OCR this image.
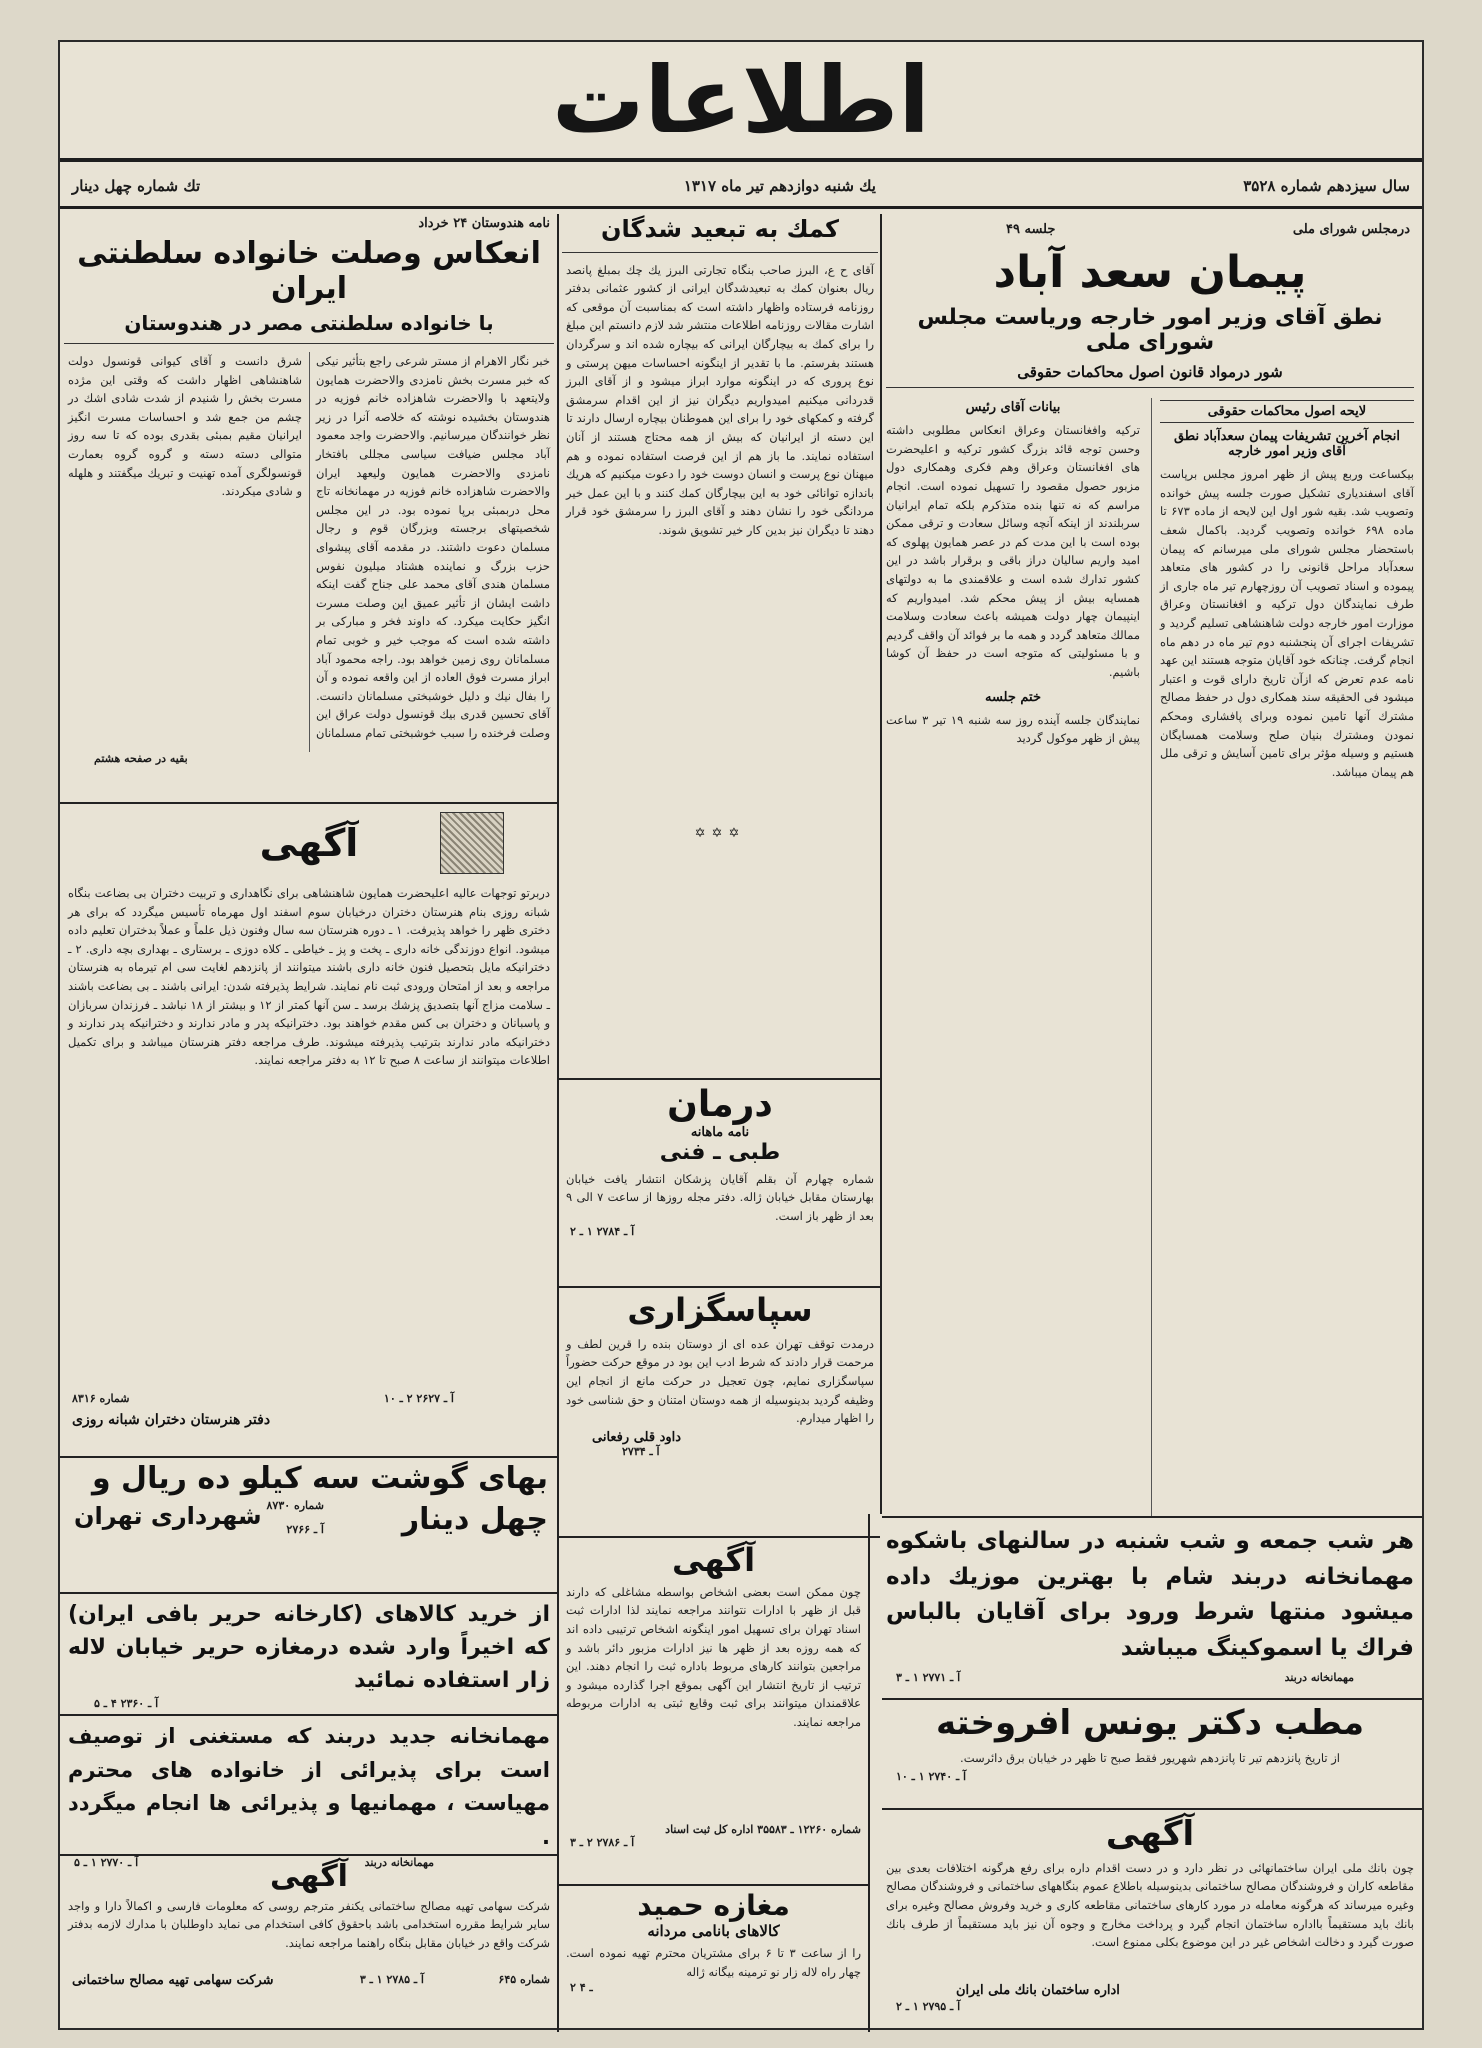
اطلاعات
سال سیزدهم شماره ۳۵۲۸
یك شنبه دوازدهم تیر ماه ۱۳۱۷
تك شماره چهل دینار
درمجلس شورای ملی
جلسه ۴۹
پیمان سعد آباد
نطق آقای وزیر امور خارجه وریاست مجلس شورای ملی
شور درمواد قانون اصول محاكمات حقوقی
لایحه اصول محاكمات حقوقی
انجام آخرین تشریفات پیمان سعدآباد نطق آقای وزیر امور خارجه
بیكساعت وربع پیش از ظهر امروز مجلس برپاست آقای اسفندیاری تشكیل صورت جلسه پیش خوانده وتصویب شد. بقیه شور اول این لایحه از ماده ۶۷۳ تا ماده ۶۹۸ خوانده وتصویب گردید. باكمال شعف باستحضار مجلس شورای ملی میرسانم كه پیمان سعدآباد مراحل قانونی را در كشور های متعاهد پیموده و اسناد تصویب آن روزچهارم تیر ماه جاری از طرف نمایندگان دول تركیه و افغانستان وعراق موزارت امور خارجه دولت شاهنشاهی تسلیم گردید و تشریفات اجرای آن پنجشنبه دوم تیر ماه در دهم ماه انجام گرفت. چنانكه خود آقایان متوجه هستند این عهد نامه عدم تعرض كه ازآن تاریخ دارای قوت و اعتبار میشود فی الحقیقه سند همكاری دول در حفظ مصالح مشترك آنها تامین نموده وبرای پافشاری ومحكم نمودن ومشترك بنیان صلح وسلامت همسایگان هستیم و وسیله مؤثر برای تامین آسایش و ترقی ملل هم پیمان میباشد.
بیانات آقای رئیس
تركیه وافغانستان وعراق انعكاس مطلوبی داشته وحسن توجه قائد بزرگ كشور تركیه و اعلیحضرت های افغانستان وعراق وهم فكری وهمكاری دول مزبور حصول مقصود را تسهیل نموده است. انجام مراسم كه نه تنها بنده متذكرم بلكه تمام ایرانیان سربلندند از اینكه آنچه وسائل سعادت و ترقی ممكن بوده است با این مدت كم در عصر همایون پهلوی كه امید واریم سالیان دراز باقی و برقرار باشد در این كشور تدارك شده است و علاقمندی ما به دولتهای همسایه بیش از پیش محكم شد. امیدواریم كه اینپیمان چهار دولت همیشه باعث سعادت وسلامت ممالك متعاهد گردد و همه ما بر فوائد آن واقف گردیم و با مسئولیتی كه متوجه است در حفظ آن كوشا باشیم.
ختم جلسه
نمایندگان جلسه آینده روز سه شنبه ۱۹ تیر ۳ ساعت پیش از ظهر موكول گردید
هر شب جمعه و شب شنبه در سالنهای باشكوه مهمانخانه دربند شام با بهترین موزیك داده میشود منتها شرط ورود برای آقایان بالباس فراك یا اسموكینگ میباشد
مهمانخانه دربند
آ ـ ۲۷۷۱ ۱ ـ ۳
مطب دكتر یونس افروخته
از تاریخ پانزدهم تیر تا پانزدهم شهریور فقط صبح تا ظهر در خیابان برق دائرست.
آ ـ ۲۷۴۰ ۱ ـ ۱۰
آگهی
چون بانك ملی ایران ساختمانهائی در نظر دارد و در دست اقدام داره برای رفع هرگونه اختلافات بعدی بین مقاطعه كاران و فروشندگان مصالح ساختمانی بدینوسیله باطلاع عموم بنگاههای ساختمانی و فروشندگان مصالح وغیره میرساند كه هرگونه معامله در مورد كارهای ساختمانی مقاطعه كاری و خرید وفروش مصالح وغیره برای بانك باید مستقیماً بااداره ساختمان انجام گیرد و پرداخت مخارج و وجوه آن نیز باید مستقیماً از طرف بانك صورت گیرد و دخالت اشخاص غیر در این موضوع بكلی ممنوع است.
اداره ساختمان بانك ملی ایران
آ ـ ۲۷۹۵ ۱ ـ ۲
كمك به تبعید شدگان
آقای ح ع، البرز صاحب بنگاه تجارتی البرز یك چك بمبلغ پانصد ریال بعنوان كمك به تبعیدشدگان ایرانی از كشور عثمانی بدفتر روزنامه فرستاده واظهار داشته است كه بمناسبت آن موقعی كه اشارت مقالات روزنامه اطلاعات منتشر شد لازم دانستم این مبلغ را برای كمك به بیچارگان ایرانی كه بیچاره شده اند و سرگردان هستند بفرستم. ما با تقدیر از اینگونه احساسات میهن پرستی و نوع پروری كه در اینگونه موارد ابراز میشود و از آقای البرز قدردانی میكنیم امیدواریم دیگران نیز از این اقدام سرمشق گرفته و كمكهای خود را برای این هموطنان بیچاره ارسال دارند تا این دسته از ایرانیان كه بیش از همه محتاج هستند از آنان استفاده نمایند. ما باز هم از این فرصت استفاده نموده و هم میهنان نوع پرست و انسان دوست خود را دعوت میكنیم كه هریك باندازه توانائی خود به این بیچارگان كمك كنند و با این عمل خیر مردانگی خود را نشان دهند و آقای البرز را سرمشق خود قرار دهند تا دیگران نیز بدین كار خیر تشویق شوند.
✡✡✡
درمان
نامه ماهانه
طبی ـ فنی
شماره چهارم آن بقلم آقایان پزشكان انتشار یافت خیابان بهارستان مقابل خیابان ژاله. دفتر مجله روزها از ساعت ۷ الی ۹ بعد از ظهر باز است.
آ ـ ۲۷۸۴ ۱ ـ ۲
سپاسگزاری
درمدت توقف تهران عده ای از دوستان بنده را قرین لطف و مرحمت قرار دادند كه شرط ادب این بود در موقع حركت حضوراً سپاسگزاری نمایم، چون تعجیل در حركت مانع از انجام این وظیفه گردید بدینوسیله از همه دوستان امتنان و حق شناسی خود را اظهار میدارم.
داود قلی رفعانی
آ ـ ۲۷۳۴
آگهی
چون ممكن است بعضی اشخاص بواسطه مشاغلی كه دارند قبل از ظهر با ادارات نتوانند مراجعه نمایند لذا ادارات ثبت اسناد تهران برای تسهیل امور اینگونه اشخاص ترتیبی داده اند كه همه روزه بعد از ظهر ها نیز ادارات مزبور دائر باشد و مراجعین بتوانند كارهای مربوط باداره ثبت را انجام دهند. این ترتیب از تاریخ انتشار این آگهی بموقع اجرا گذارده میشود و علاقمندان میتوانند برای ثبت وقایع ثبتی به ادارات مربوطه مراجعه نمایند.
شماره ۱۲۲۶۰ ـ ۳۵۵۸۳ اداره كل ثبت اسناد
آ ـ ۲۷۸۶ ۲ ـ ۳
مغازه حمید
كالاهای بانامی مردانه
را از ساعت ۳ تا ۶ برای مشتریان محترم تهیه نموده است. چهار راه لاله زار نو ترمینه بیگانه ژاله
۲ ـ ۴
نامه هندوستان ۲۴ خرداد
انعكاس وصلت خانواده سلطنتی ایران
با خانواده سلطنتی مصر در هندوستان
خبر نگار الاهرام از مستر شرعی راجع بتأثیر نیكی كه خبر مسرت بخش نامزدی والاحضرت همایون ولایتعهد با والاحضرت شاهزاده خانم فوزیه در هندوستان بخشیده نوشته كه خلاصه آنرا در زیر نظر خوانندگان میرسانیم. والاحضرت واجد معمود آباد مجلس ضیافت سیاسی مجللی بافتخار نامزدی والاحضرت همایون ولیعهد ایران والاحضرت شاهزاده خانم فوزیه در مهمانخانه تاج محل دربمبئی برپا نموده بود. در این مجلس شخصیتهای برجسته وبزرگان قوم و رجال مسلمان دعوت داشتند. در مقدمه آقای پیشوای حزب بزرگ و نماینده هشتاد میلیون نفوس مسلمان هندی آقای محمد علی جناح گفت اینكه داشت ایشان از تأثیر عمیق این وصلت مسرت انگیز حكایت میكرد. كه داوند فخر و مباركی بر داشته شده است كه موجب خیر و خوبی تمام مسلمانان روی زمین خواهد بود. راجه محمود آباد ابراز مسرت فوق العاده از این واقعه نموده و آن را بفال نیك و دلیل خوشبختی مسلمانان دانست. آقای تحسین قدری بیك قونسول دولت عراق این وصلت فرخنده را سبب خوشبختی تمام مسلمانان شرق دانست و آقای كیوانی قونسول دولت شاهنشاهی اظهار داشت كه وقتی این مژده مسرت بخش را شنیدم از شدت شادی اشك در چشم من جمع شد و احساسات مسرت انگیز ایرانیان مقیم بمبئی بقدری بوده كه تا سه روز متوالی دسته دسته و گروه گروه بعمارت قونسولگری آمده تهنیت و تبریك میگفتند و هلهله و شادی میكردند.
بقیه در صفحه هشتم
آگهی
دربرتو توجهات عالیه اعلیحضرت همایون شاهنشاهی برای نگاهداری و تربیت دختران بی بضاعت بنگاه شبانه روزی بنام هنرستان دختران درخیابان سوم اسفند اول مهرماه تأسیس میگردد كه برای هر دختری ظهر را خواهد پذیرفت. ۱ ـ دوره هنرستان سه سال وفنون ذیل علماً و عملاً بدختران تعلیم داده میشود. انواع دوزندگی خانه داری ـ پخت و پز ـ خیاطی ـ كلاه دوزی ـ برستاری ـ بهداری بچه داری. ۲ ـ دخترانیكه مایل بتحصیل فنون خانه داری باشند میتوانند از پانزدهم لغایت سی ام تیرماه به هنرستان مراجعه و بعد از امتحان ورودی ثبت نام نمایند. شرایط پذیرفته شدن: ایرانی باشند ـ بی بضاعت باشند ـ سلامت مزاج آنها بتصدیق پزشك برسد ـ سن آنها كمتر از ۱۲ و بیشتر از ۱۸ نباشد ـ فرزندان سربازان و پاسبانان و دختران بی كس مقدم خواهند بود. دخترانیكه پدر و مادر ندارند و دخترانیكه پدر ندارند و دخترانیكه مادر ندارند بترتیب پذیرفته میشوند. طرف مراجعه دفتر هنرستان میباشد و برای تكمیل اطلاعات میتوانند از ساعت ۸ صبح تا ۱۲ به دفتر مراجعه نمایند.
شماره ۸۳۱۶	آ ـ ۲۶۲۷ ۲ ـ ۱۰
دفتر هنرستان دختران شبانه روزی
بهای گوشت سه كیلو ده ریال و
چهل دینار
شماره ۸۷۳۰
آ ـ ۲۷۶۶
شهرداری تهران
از خرید كالاهای (كارخانه حریر بافی ایران) كه اخیراً وارد شده درمغازه حریر خیابان لاله زار استفاده نمائید
آ ـ ۲۳۶۰ ۴ ـ ۵
مهمانخانه جدید دربند كه مستغنی از توصیف است برای پذیرائی از خانواده های محترم مهیاست ، مهمانیها و پذیرائی ها انجام میگردد .
مهمانخانه دربند
آ ـ ۲۷۷۰ ۱ ـ ۵	آگهی
شركت سهامی تهیه مصالح ساختمانی یكنفر مترجم روسی كه معلومات فارسی و اكمالاً دارا و واجد سایر شرایط مقرره استخدامی باشد باحقوق كافی استخدام می نماید داوطلبان با مدارك لازمه بدفتر شركت واقع در خیابان مقابل بنگاه راهنما مراجعه نمایند.
شماره ۶۴۵
آ ـ ۲۷۸۵ ۱ ـ ۳
شركت سهامی تهیه مصالح ساختمانی
